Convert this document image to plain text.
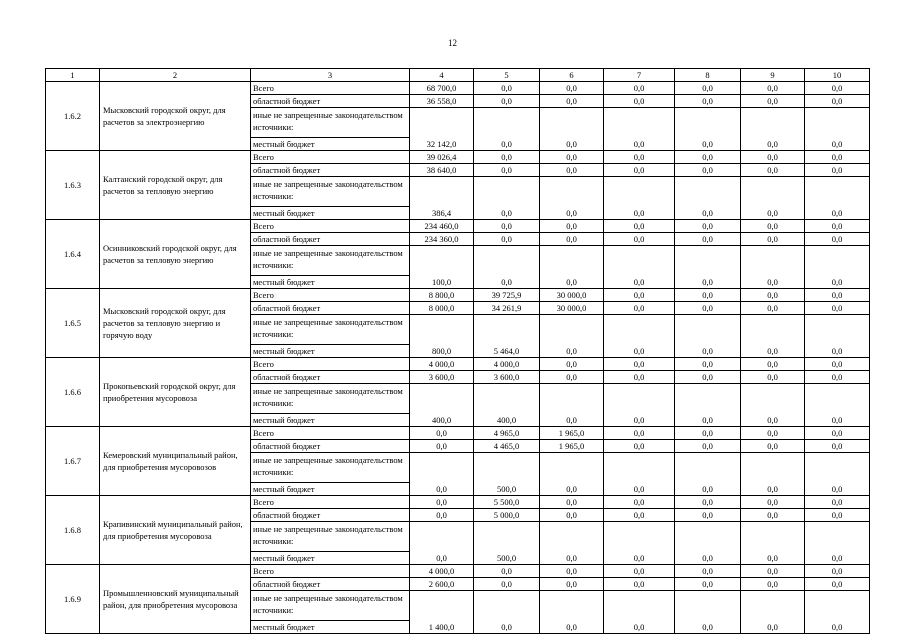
12
1	2	3	4	5	6	7	8	9	10
1.6.2	Мысковский городской округ, для расчетов за электроэнергию	Всего	68 700,0	0,0	0,0	0,0	0,0	0,0	0,0
		областной бюджет	36 558,0	0,0	0,0	0,0	0,0	0,0	0,0
		иные не запрещенные законодательством источники:							
		местный бюджет	32 142,0	0,0	0,0	0,0	0,0	0,0	0,0
1.6.3	Калтанский городской округ, для расчетов за тепловую энергию	Всего	39 026,4	0,0	0,0	0,0	0,0	0,0	0,0
		областной бюджет	38 640,0	0,0	0,0	0,0	0,0	0,0	0,0
		иные не запрещенные законодательством источники:							
		местный бюджет	386,4	0,0	0,0	0,0	0,0	0,0	0,0
1.6.4	Осинниковский городской округ, для расчетов за тепловую энергию	Всего	234 460,0	0,0	0,0	0,0	0,0	0,0	0,0
		областной бюджет	234 360,0	0,0	0,0	0,0	0,0	0,0	0,0
		иные не запрещенные законодательством источники:							
		местный бюджет	100,0	0,0	0,0	0,0	0,0	0,0	0,0
1.6.5	Мысковский городской округ, для расчетов за тепловую энергию и горячую воду	Всего	8 800,0	39 725,9	30 000,0	0,0	0,0	0,0	0,0
		областной бюджет	8 000,0	34 261,9	30 000,0	0,0	0,0	0,0	0,0
		иные не запрещенные законодательством источники:							
		местный бюджет	800,0	5 464,0	0,0	0,0	0,0	0,0	0,0
1.6.6	Прокопьевский городской округ, для приобретения мусоровоза	Всего	4 000,0	4 000,0	0,0	0,0	0,0	0,0	0,0
		областной бюджет	3 600,0	3 600,0	0,0	0,0	0,0	0,0	0,0
		иные не запрещенные законодательством источники:							
		местный бюджет	400,0	400,0	0,0	0,0	0,0	0,0	0,0
1.6.7	Кемеровский муниципальный район, для приобретения мусоровозов	Всего	0,0	4 965,0	1 965,0	0,0	0,0	0,0	0,0
		областной бюджет	0,0	4 465,0	1 965,0	0,0	0,0	0,0	0,0
		иные не запрещенные законодательством источники:							
		местный бюджет	0,0	500,0	0,0	0,0	0,0	0,0	0,0
1.6.8	Крапивинский муниципальный район, для приобретения мусоровоза	Всего	0,0	5 500,0	0,0	0,0	0,0	0,0	0,0
		областной бюджет	0,0	5 000,0	0,0	0,0	0,0	0,0	0,0
		иные не запрещенные законодательством источники:							
		местный бюджет	0,0	500,0	0,0	0,0	0,0	0,0	0,0
1.6.9	Промышленновский муниципальный район, для приобретения мусоровоза	Всего	4 000,0	0,0	0,0	0,0	0,0	0,0	0,0
		областной бюджет	2 600,0	0,0	0,0	0,0	0,0	0,0	0,0
		иные не запрещенные законодательством источники:							
		местный бюджет	1 400,0	0,0	0,0	0,0	0,0	0,0	0,0
